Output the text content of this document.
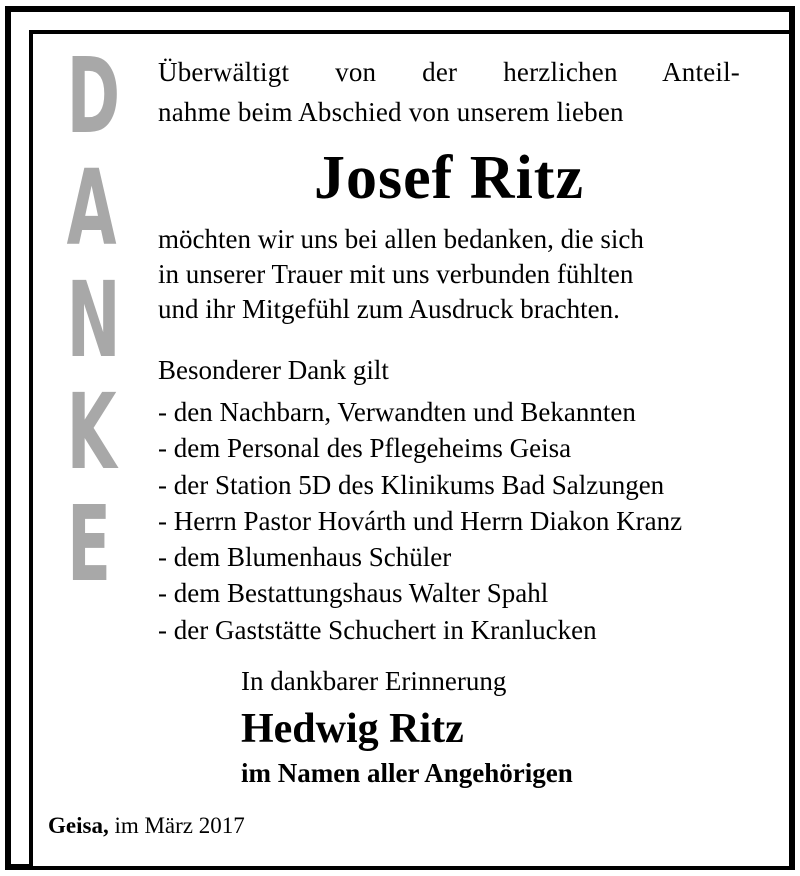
D
A
N
K
E
Überwältigt von der herzlichen Anteil-
nahme beim Abschied von unserem lieben
Josef Ritz
möchten wir uns bei allen bedanken, die sich
in unserer Trauer mit uns verbunden fühlten
und ihr Mitgefühl zum Ausdruck brachten.
Besonderer Dank gilt
- den Nachbarn, Verwandten und Bekannten
- dem Personal des Pflegeheims Geisa
- der Station 5D des Klinikums Bad Salzungen
- Herrn Pastor Hovárth und Herrn Diakon Kranz
- dem Blumenhaus Schüler
- dem Bestattungshaus Walter Spahl
- der Gaststätte Schuchert in Kranlucken
In dankbarer Erinnerung
Hedwig Ritz
im Namen aller Angehörigen
Geisa, im März 2017
